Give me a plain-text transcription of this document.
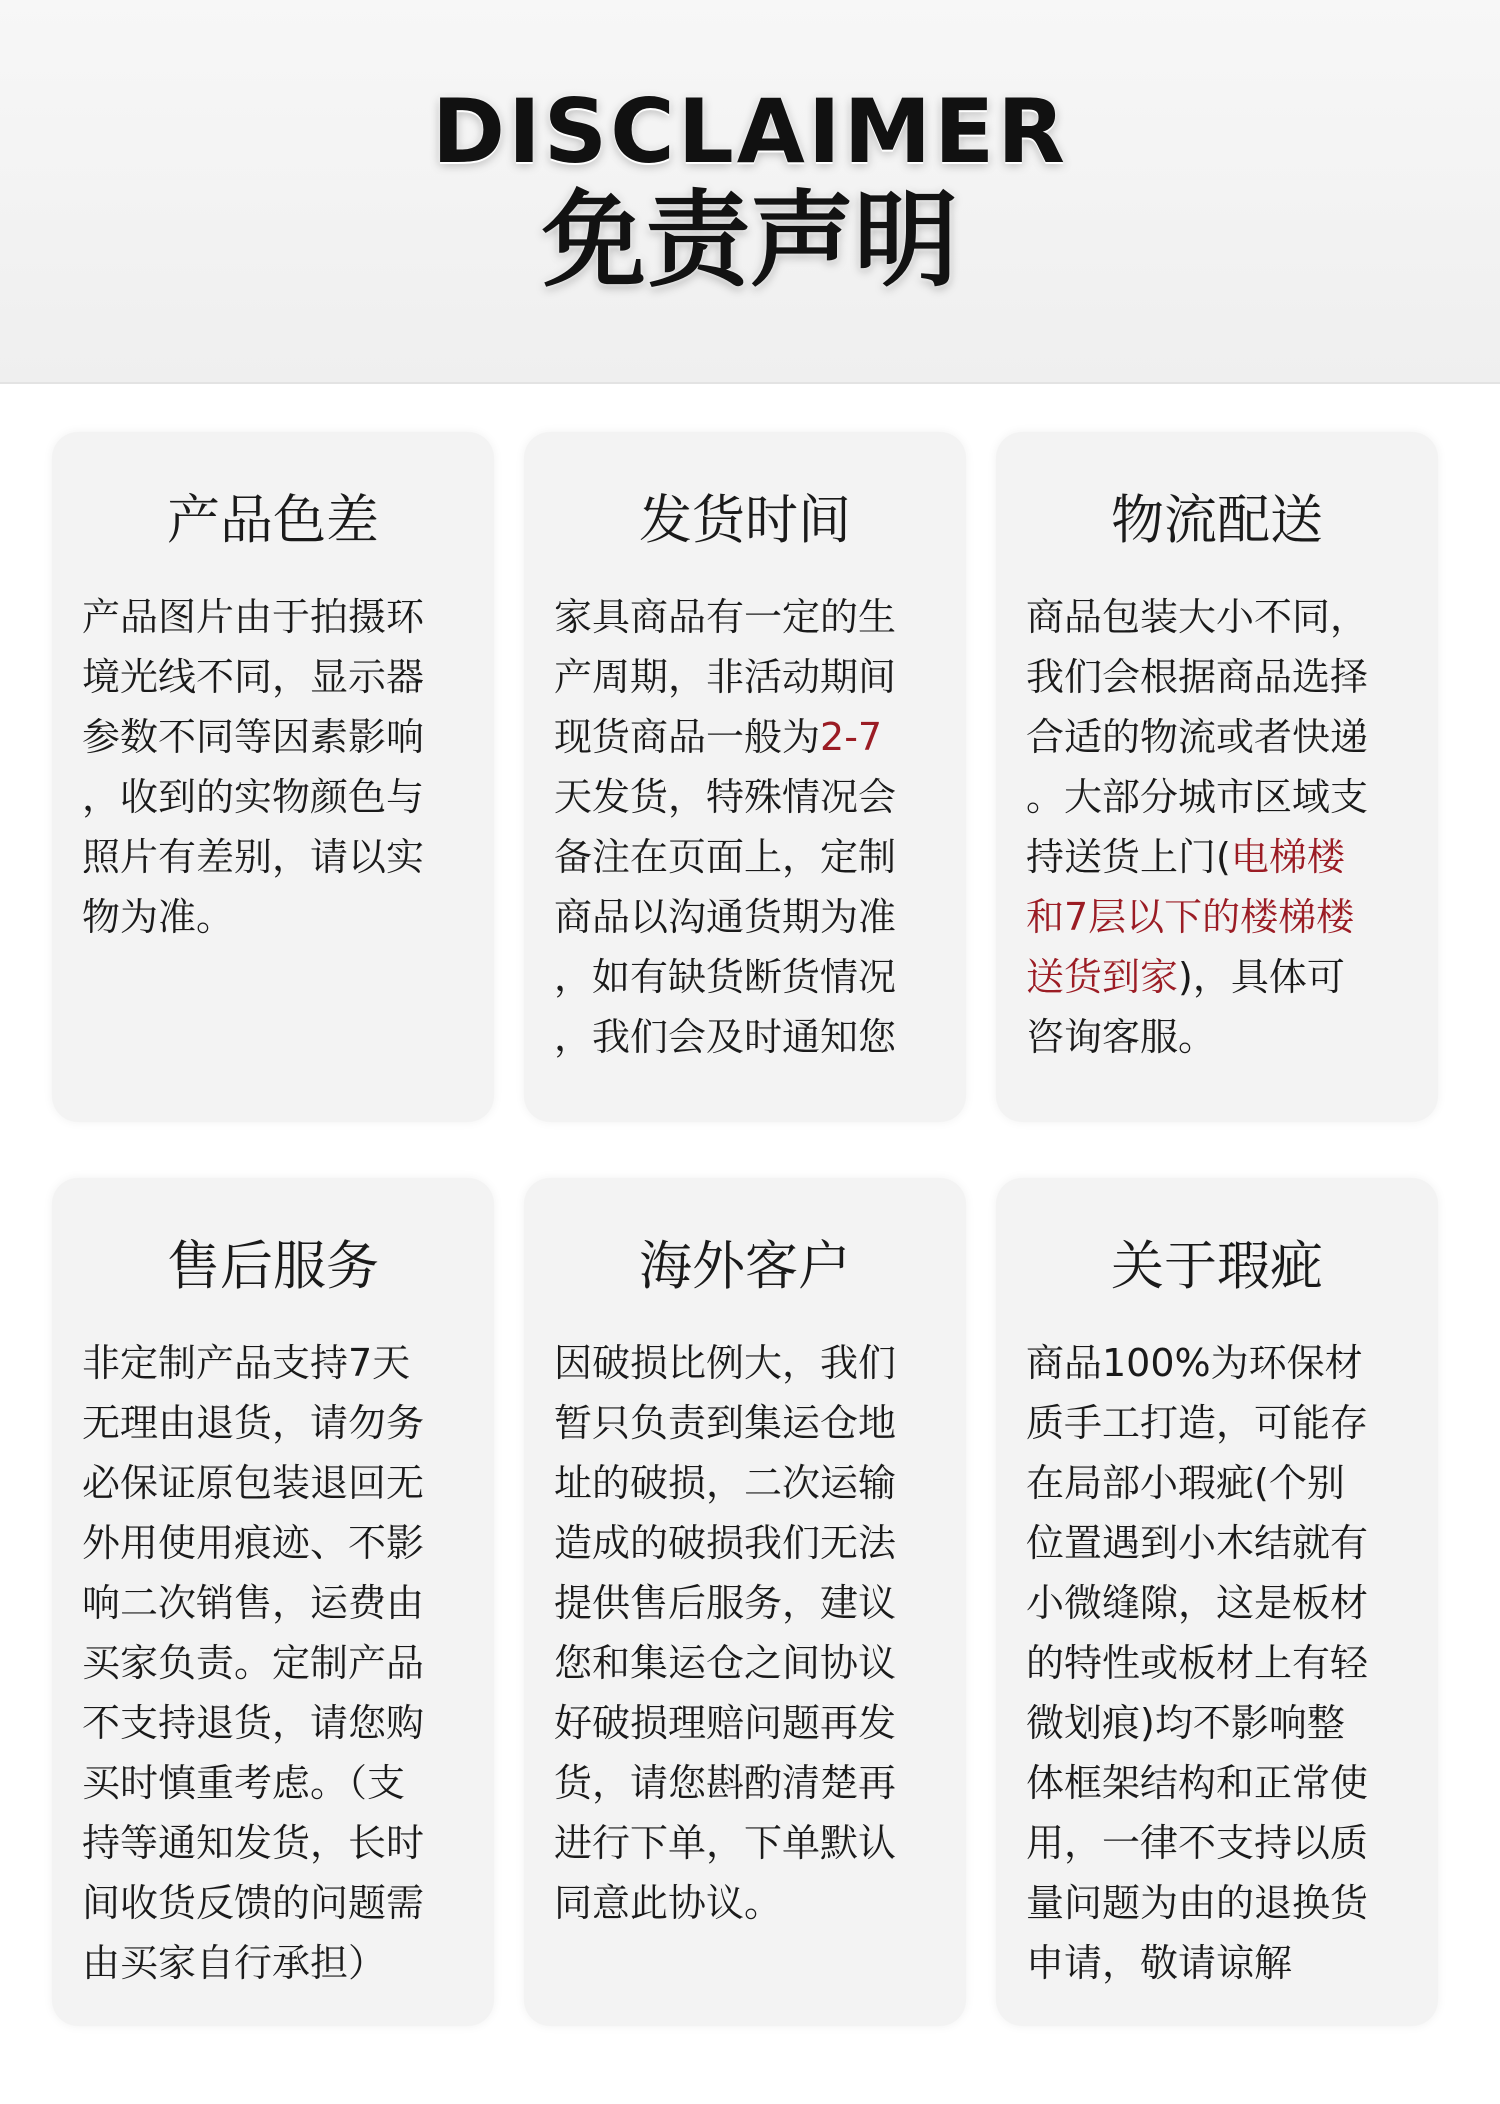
DISCLAIMER
免责声明
产品色差
产品图片由于拍摄环
境光线不同，显示器
参数不同等因素影响
，收到的实物颜色与
照片有差别，请以实
物为准。
发货时间
家具商品有一定的生
产周期，非活动期间
现货商品一般为2-7
天发货，特殊情况会
备注在页面上，定制
商品以沟通货期为准
，如有缺货断货情况
，我们会及时通知您
物流配送
商品包装大小不同，
我们会根据商品选择
合适的物流或者快递
。大部分城市区域支
持送货上门(电梯楼
和7层以下的楼梯楼
送货到家)，具体可
咨询客服。
售后服务
非定制产品支持7天
无理由退货，请勿务
必保证原包装退回无
外用使用痕迹、不影
响二次销售，运费由
买家负责。定制产品
不支持退货，请您购
买时慎重考虑。（支
持等通知发货，长时
间收货反馈的问题需
由买家自行承担）
海外客户
因破损比例大，我们
暂只负责到集运仓地
址的破损，二次运输
造成的破损我们无法
提供售后服务，建议
您和集运仓之间协议
好破损理赔问题再发
货，请您斟酌清楚再
进行下单，下单默认
同意此协议。
关于瑕疵
商品100%为环保材
质手工打造，可能存
在局部小瑕疵(个别
位置遇到小木结就有
小微缝隙，这是板材
的特性或板材上有轻
微划痕)均不影响整
体框架结构和正常使
用，一律不支持以质
量问题为由的退换货
申请，敬请谅解
